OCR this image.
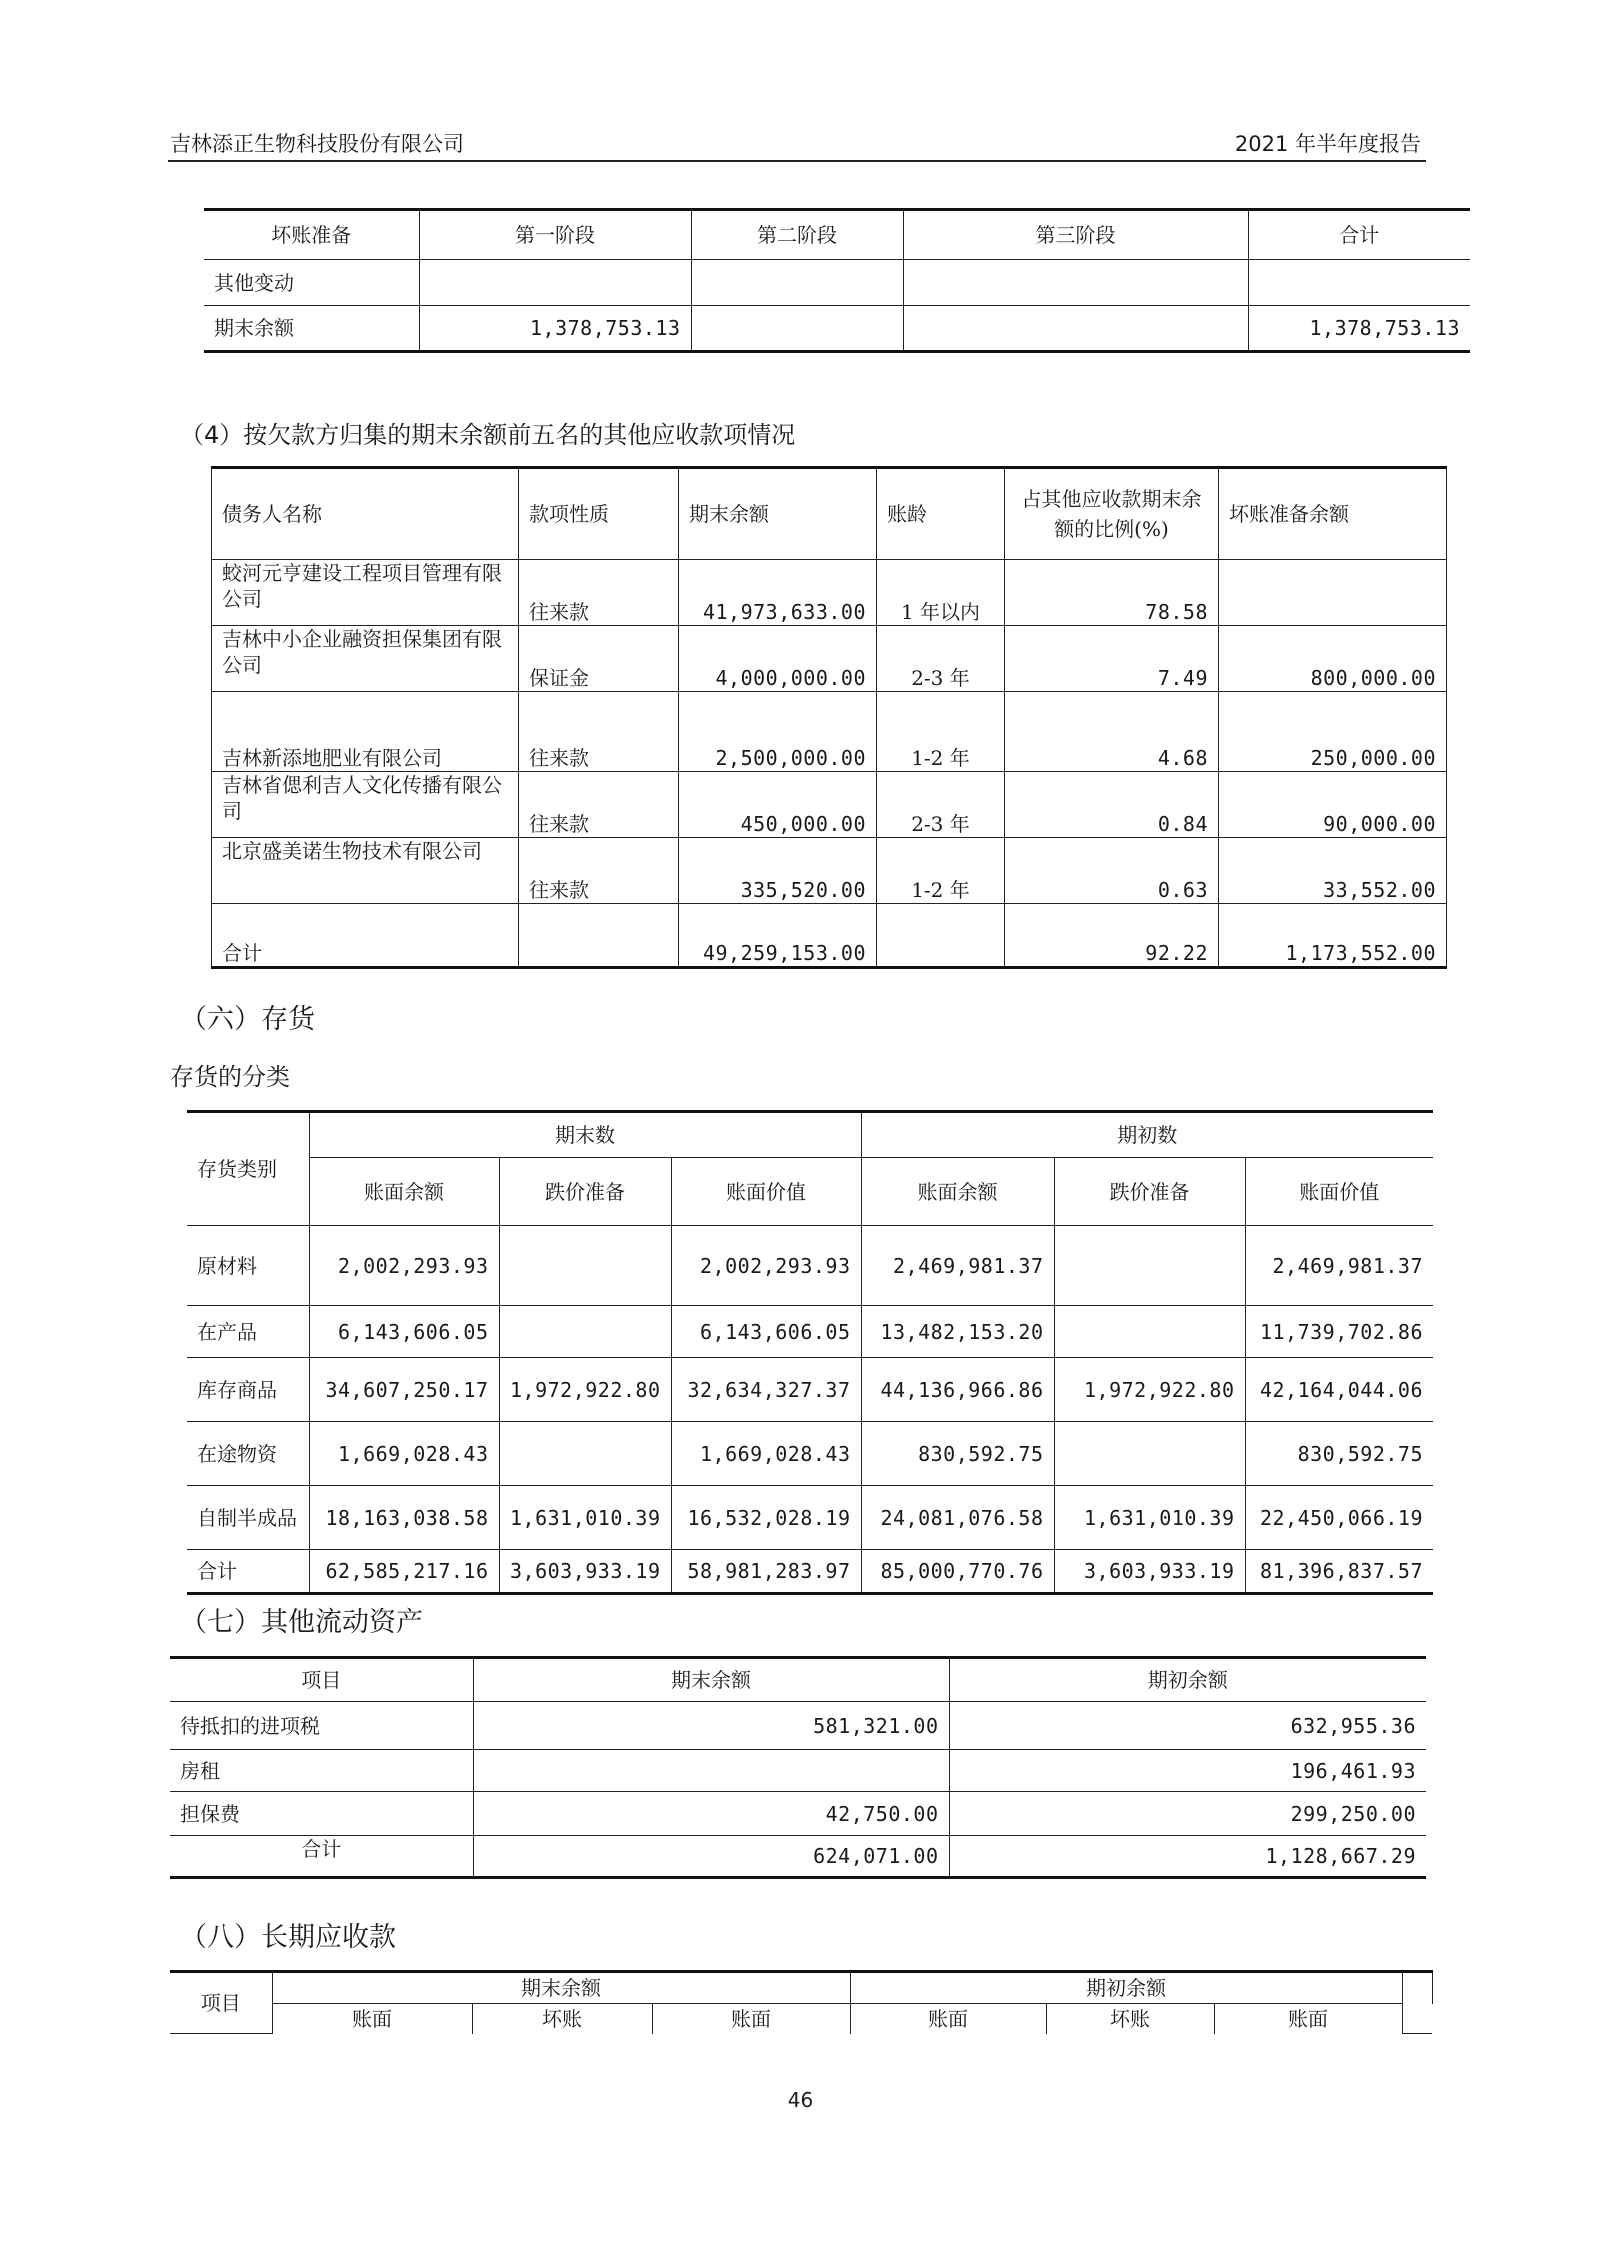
吉林添正生物科技股份有限公司	2021 年半年度报告
坏账准备	第一阶段	第二阶段	第三阶段	合计
其他变动				
期末余额	1,378,753.13			1,378,753.13
（4）按欠款方归集的期末余额前五名的其他应收款项情况
债务人名称	款项性质	期末余额	账龄	占其他应收款期末余额的比例(%)	坏账准备余额
蛟河元亨建设工程项目管理有限公司	往来款	41,973,633.00	1 年以内	78.58	
吉林中小企业融资担保集团有限公司	保证金	4,000,000.00	2-3 年	7.49	800,000.00
吉林新添地肥业有限公司	往来款	2,500,000.00	1-2 年	4.68	250,000.00
吉林省偲利吉人文化传播有限公司	往来款	450,000.00	2-3 年	0.84	90,000.00
北京盛美诺生物技术有限公司	往来款	335,520.00	1-2 年	0.63	33,552.00
合计		49,259,153.00		92.22	1,173,552.00
（六）存货
存货的分类
存货类别	期末数			期初数		
	账面余额	跌价准备	账面价值	账面余额	跌价准备	账面价值
原材料	2,002,293.93		2,002,293.93	2,469,981.37		2,469,981.37
在产品	6,143,606.05		6,143,606.05	13,482,153.20		11,739,702.86
库存商品	34,607,250.17	1,972,922.80	32,634,327.37	44,136,966.86	1,972,922.80	42,164,044.06
在途物资	1,669,028.43		1,669,028.43	830,592.75		830,592.75
自制半成品	18,163,038.58	1,631,010.39	16,532,028.19	24,081,076.58	1,631,010.39	22,450,066.19
合计	62,585,217.16	3,603,933.19	58,981,283.97	85,000,770.76	3,603,933.19	81,396,837.57
（七）其他流动资产
项目	期末余额	期初余额
待抵扣的进项税	581,321.00	632,955.36
房租		196,461.93
担保费	42,750.00	299,250.00
合计	624,071.00	1,128,667.29
（八）长期应收款
项目	期末余额			期初余额			
	账面	坏账	账面	账面	坏账	账面	
46
